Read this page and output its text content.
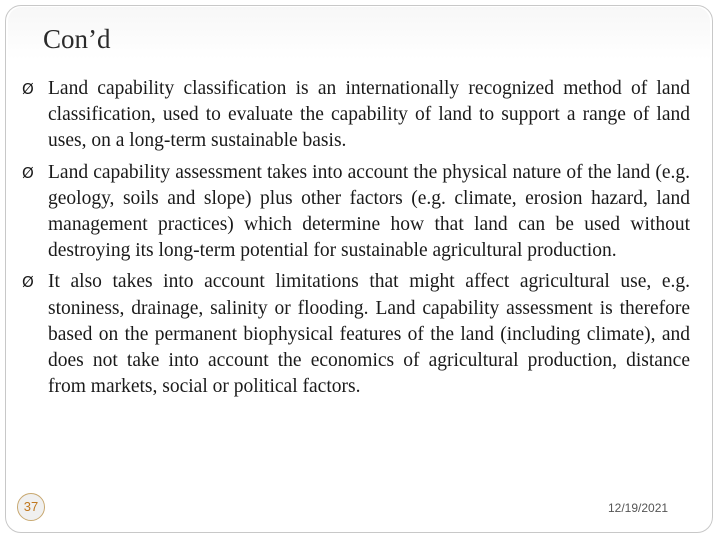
Con’d
Ø Land capability classification is an internationally recognized method of land classification, used to evaluate the capability of land to support a range of land uses, on a long-term sustainable basis.
Ø Land capability assessment takes into account the physical nature of the land (e.g. geology, soils and slope) plus other factors (e.g. climate, erosion hazard, land management practices) which determine how that land can be used without destroying its long-term potential for sustainable agricultural production.
Ø It also takes into account limitations that might affect agricultural use, e.g. stoniness, drainage, salinity or flooding. Land capability assessment is therefore based on the permanent biophysical features of the land (including climate), and does not take into account the economics of agricultural production, distance from markets, social or political factors.
37	12/19/2021
